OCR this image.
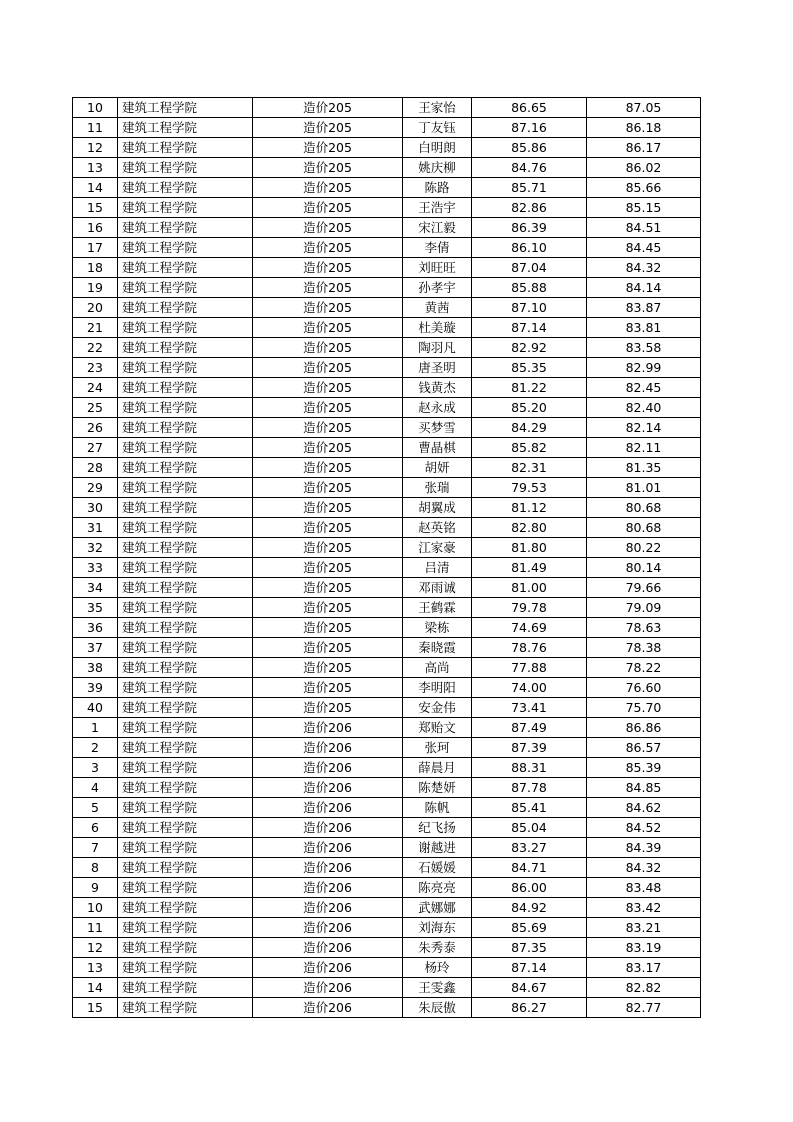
10	建筑工程学院	造价205	王家怡	86.65	87.05
11	建筑工程学院	造价205	丁友钰	87.16	86.18
12	建筑工程学院	造价205	白明朗	85.86	86.17
13	建筑工程学院	造价205	姚庆柳	84.76	86.02
14	建筑工程学院	造价205	陈路	85.71	85.66
15	建筑工程学院	造价205	王浩宇	82.86	85.15
16	建筑工程学院	造价205	宋江毅	86.39	84.51
17	建筑工程学院	造价205	李倩	86.10	84.45
18	建筑工程学院	造价205	刘旺旺	87.04	84.32
19	建筑工程学院	造价205	孙孝宇	85.88	84.14
20	建筑工程学院	造价205	黄茜	87.10	83.87
21	建筑工程学院	造价205	杜美璇	87.14	83.81
22	建筑工程学院	造价205	陶羽凡	82.92	83.58
23	建筑工程学院	造价205	唐圣明	85.35	82.99
24	建筑工程学院	造价205	钱黄杰	81.22	82.45
25	建筑工程学院	造价205	赵永成	85.20	82.40
26	建筑工程学院	造价205	买梦雪	84.29	82.14
27	建筑工程学院	造价205	曹晶棋	85.82	82.11
28	建筑工程学院	造价205	胡妍	82.31	81.35
29	建筑工程学院	造价205	张瑞	79.53	81.01
30	建筑工程学院	造价205	胡翼成	81.12	80.68
31	建筑工程学院	造价205	赵英铭	82.80	80.68
32	建筑工程学院	造价205	江家豪	81.80	80.22
33	建筑工程学院	造价205	吕清	81.49	80.14
34	建筑工程学院	造价205	邓雨诚	81.00	79.66
35	建筑工程学院	造价205	王鹤霖	79.78	79.09
36	建筑工程学院	造价205	梁栋	74.69	78.63
37	建筑工程学院	造价205	秦晓霞	78.76	78.38
38	建筑工程学院	造价205	高尚	77.88	78.22
39	建筑工程学院	造价205	李明阳	74.00	76.60
40	建筑工程学院	造价205	安金伟	73.41	75.70
1	建筑工程学院	造价206	郑贻文	87.49	86.86
2	建筑工程学院	造价206	张珂	87.39	86.57
3	建筑工程学院	造价206	薛晨月	88.31	85.39
4	建筑工程学院	造价206	陈楚妍	87.78	84.85
5	建筑工程学院	造价206	陈帆	85.41	84.62
6	建筑工程学院	造价206	纪飞扬	85.04	84.52
7	建筑工程学院	造价206	谢越进	83.27	84.39
8	建筑工程学院	造价206	石媛媛	84.71	84.32
9	建筑工程学院	造价206	陈亮亮	86.00	83.48
10	建筑工程学院	造价206	武娜娜	84.92	83.42
11	建筑工程学院	造价206	刘海东	85.69	83.21
12	建筑工程学院	造价206	朱秀泰	87.35	83.19
13	建筑工程学院	造价206	杨玲	87.14	83.17
14	建筑工程学院	造价206	王雯鑫	84.67	82.82
15	建筑工程学院	造价206	朱辰傲	86.27	82.77
